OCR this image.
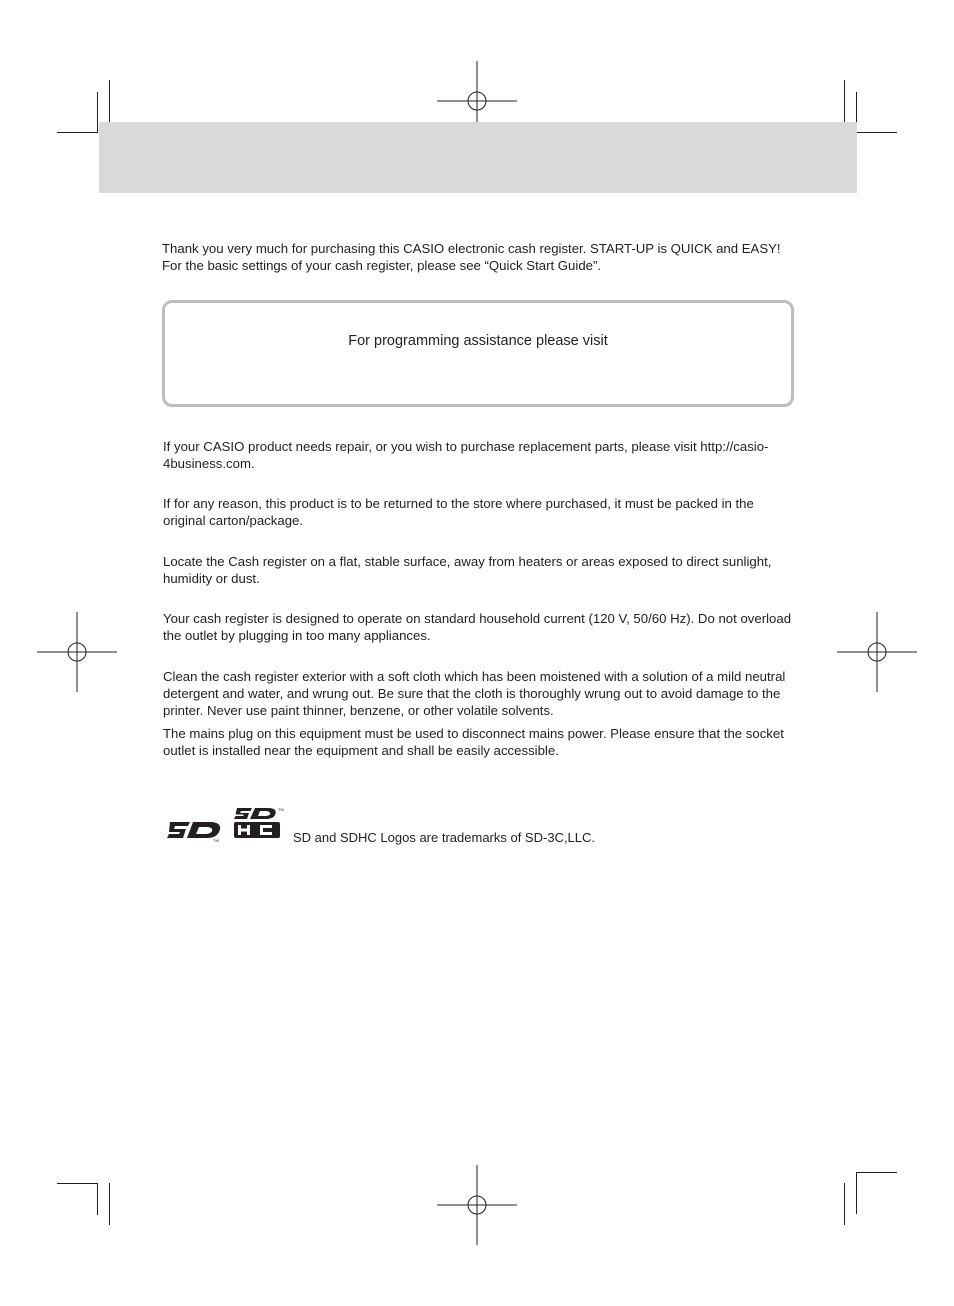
Thank you very much for purchasing this CASIO electronic cash register. START-UP is QUICK and EASY!
For the basic settings of your cash register, please see “Quick Start Guide”.
For programming assistance please visit

If your CASIO product needs repair, or you wish to purchase replacement parts, please visit http://casio-4business.com.

If for any reason, this product is to be returned to the store where purchased, it must be packed in the original carton/package.

Locate the Cash register on a flat, stable surface, away from heaters or areas exposed to direct sunlight, humidity or dust.

Your cash register is designed to operate on standard household current (120 V, 50/60 Hz). Do not overload the outlet by plugging in too many appliances.

Clean the cash register exterior with a soft cloth which has been moistened with a solution of a mild neutral detergent and water, and wrung out. Be sure that the cloth is thoroughly wrung out to avoid damage to the printer. Never use paint thinner, benzene, or other volatile solvents.

The mains plug on this equipment must be used to disconnect mains power. Please ensure that the socket outlet is installed near the equipment and shall be easily accessible.

TM
TM
SD and SDHC Logos are trademarks of SD-3C,LLC.
